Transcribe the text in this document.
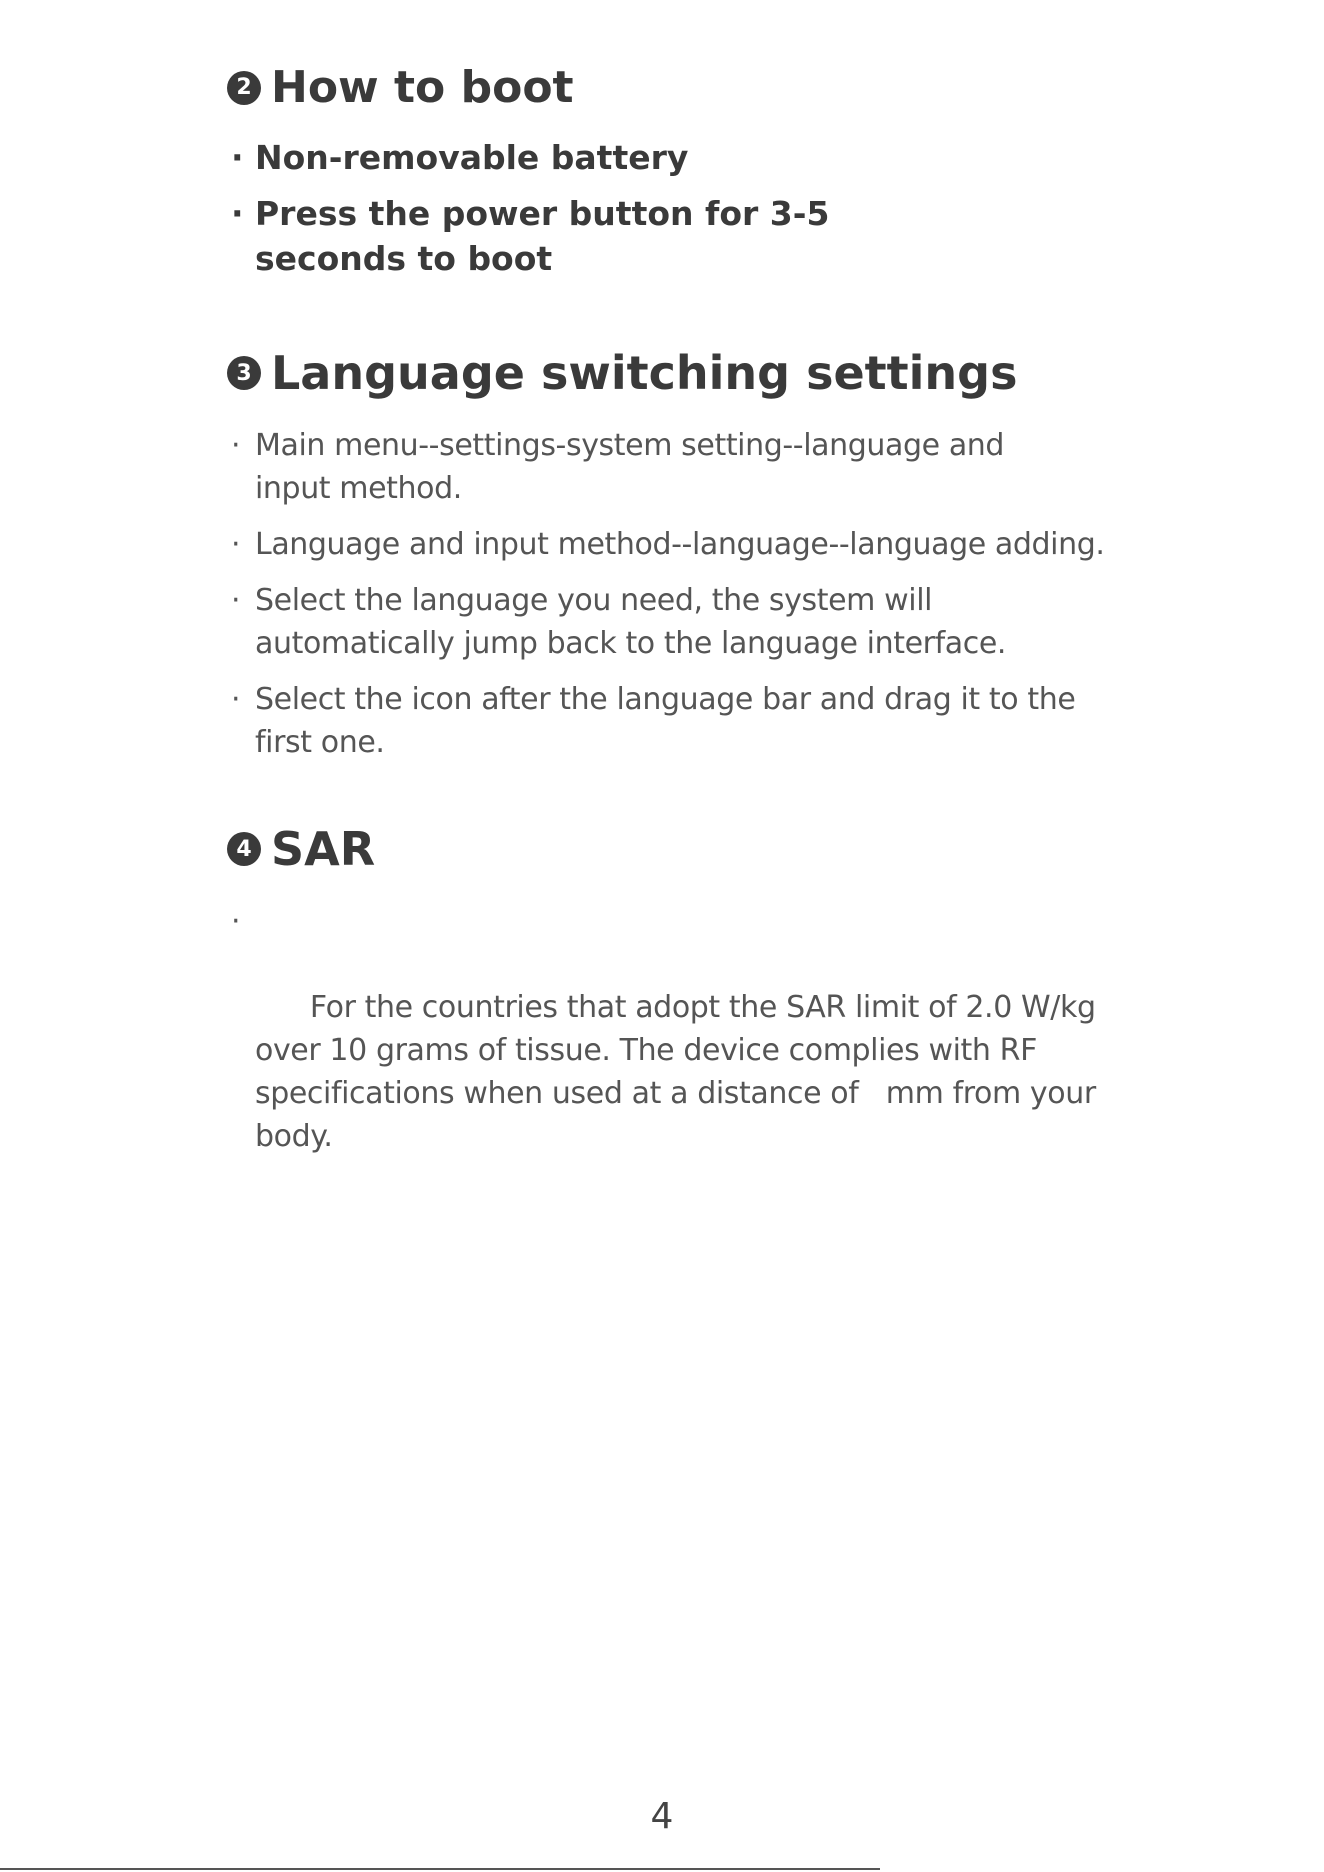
2 How to boot
· Non-removable battery
· Press the power button for 3-5 seconds to boot
3 Language switching settings
· Main menu--settings-system setting--language and input method.
· Language and input method--language--language adding.
· Select the language you need, the system will automatically jump back to the language interface.
· Select the icon after the language bar and drag it to the first one.
4 SAR

·

For the countries that adopt the SAR limit of 2.0 W/kg over 10 grams of tissue. The device complies with RF specifications when used at a distance of   mm from your body.

4
